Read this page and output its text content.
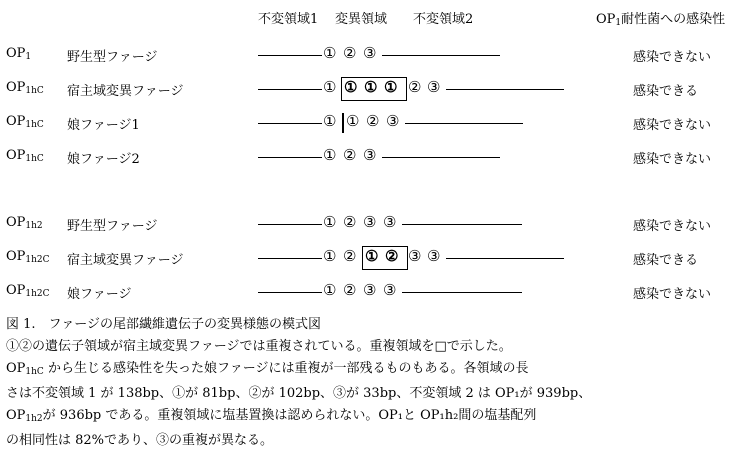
不変領域1 変異領域 不変領域2	$OP_1$耐性菌への感染性
$OP_1$	野生型ファージ	① ② ③	感染できない
$OP_{1hC}$ 宿主域変異ファージ	① ① ① ① ② ③	感染できる
$OP_{1hC}$ 娘ファージ1	① ① ② ③	感染できない
$OP_{1hC}$ 娘ファージ2	① ② ③	感染できない
$OP_{1h2}$ 野生型ファージ	① ② ③ ③	感染できない
$OP_{1h2C}$ 宿主域変異ファージ	① ② ① ② ③ ③	感染できる
$OP_{1h2C}$ 娘ファージ	① ② ③ ③	感染できない
図 1.　ファージの尾部繊維遺伝子の変異様態の模式図
①②の遺伝子領域が宿主域変異ファージでは重複されている。重複領域を□で示した。
$OP_{1hC}$ から生じる感染性を失った娘ファージには重複が一部残るものもある。各領域の長
さは不変領域 1 が 138bp、①が 81bp、②が 102bp、③が 33bp、不変領域 2 は OP₁が 939bp、
$OP_{1h2}$が 936bp である。重複領域に塩基置換は認められない。OP₁と OP₁h₂間の塩基配列
の相同性は 82%であり、③の重複が異なる。
